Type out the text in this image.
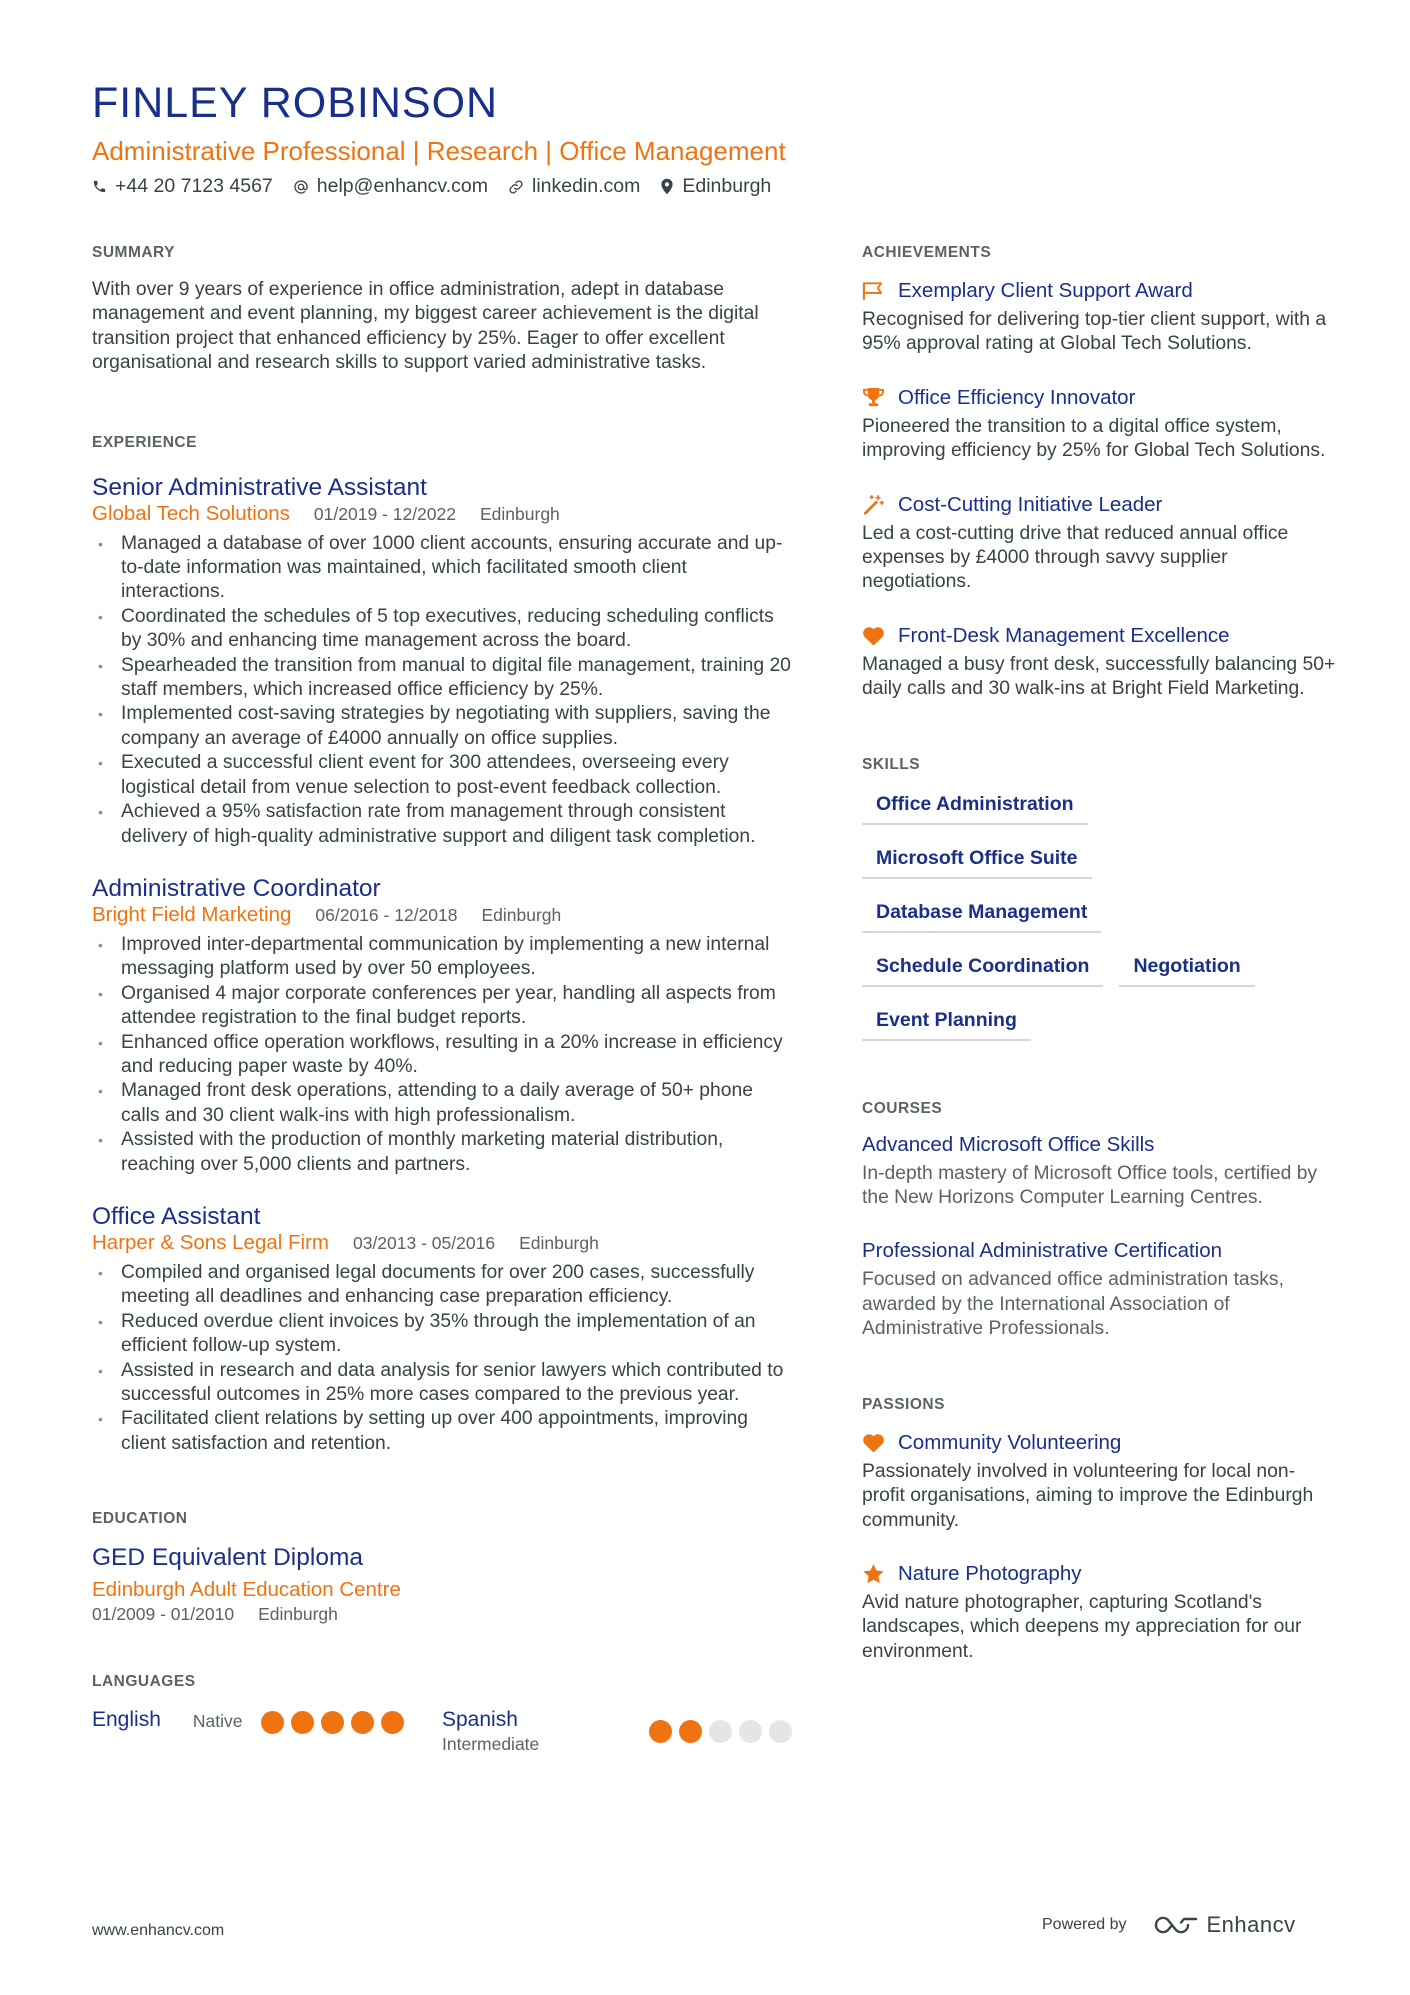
FINLEY ROBINSON
Administrative Professional | Research | Office Management
+44 20 7123 4567 help@enhancv.com linkedin.com Edinburgh
SUMMARY
With over 9 years of experience in office administration, adept in database management and event planning, my biggest career achievement is the digital transition project that enhanced efficiency by 25%. Eager to offer excellent organisational and research skills to support varied administrative tasks.
EXPERIENCE
Senior Administrative Assistant
Global Tech Solutions 01/2019 - 12/2022 Edinburgh
• Managed a database of over 1000 client accounts, ensuring accurate and up-to-date information was maintained, which facilitated smooth client interactions.
• Coordinated the schedules of 5 top executives, reducing scheduling conflicts by 30% and enhancing time management across the board.
• Spearheaded the transition from manual to digital file management, training 20 staff members, which increased office efficiency by 25%.
• Implemented cost-saving strategies by negotiating with suppliers, saving the company an average of £4000 annually on office supplies.
• Executed a successful client event for 300 attendees, overseeing every logistical detail from venue selection to post-event feedback collection.
• Achieved a 95% satisfaction rate from management through consistent delivery of high-quality administrative support and diligent task completion.
Administrative Coordinator
Bright Field Marketing 06/2016 - 12/2018 Edinburgh
• Improved inter-departmental communication by implementing a new internal messaging platform used by over 50 employees.
• Organised 4 major corporate conferences per year, handling all aspects from attendee registration to the final budget reports.
• Enhanced office operation workflows, resulting in a 20% increase in efficiency and reducing paper waste by 40%.
• Managed front desk operations, attending to a daily average of 50+ phone calls and 30 client walk-ins with high professionalism.
• Assisted with the production of monthly marketing material distribution, reaching over 5,000 clients and partners.
Office Assistant
Harper & Sons Legal Firm 03/2013 - 05/2016 Edinburgh
• Compiled and organised legal documents for over 200 cases, successfully meeting all deadlines and enhancing case preparation efficiency.
• Reduced overdue client invoices by 35% through the implementation of an efficient follow-up system.
• Assisted in research and data analysis for senior lawyers which contributed to successful outcomes in 25% more cases compared to the previous year.
• Facilitated client relations by setting up over 400 appointments, improving client satisfaction and retention.
EDUCATION
GED Equivalent Diploma
Edinburgh Adult Education Centre
01/2009 - 01/2010 Edinburgh
LANGUAGES
English Native	Spanish
Intermediate
ACHIEVEMENTS
Exemplary Client Support Award
Recognised for delivering top-tier client support, with a 95% approval rating at Global Tech Solutions.
Office Efficiency Innovator
Pioneered the transition to a digital office system, improving efficiency by 25% for Global Tech Solutions.
Cost-Cutting Initiative Leader
Led a cost-cutting drive that reduced annual office expenses by £4000 through savvy supplier negotiations.
Front-Desk Management Excellence
Managed a busy front desk, successfully balancing 50+ daily calls and 30 walk-ins at Bright Field Marketing.
SKILLS
Office Administration
Microsoft Office Suite
Database Management
Schedule Coordination	Negotiation
Event Planning
COURSES
Advanced Microsoft Office Skills
In-depth mastery of Microsoft Office tools, certified by the New Horizons Computer Learning Centres.
Professional Administrative Certification
Focused on advanced office administration tasks, awarded by the International Association of Administrative Professionals.
PASSIONS
Community Volunteering
Passionately involved in volunteering for local non-profit organisations, aiming to improve the Edinburgh community.
Nature Photography
Avid nature photographer, capturing Scotland's landscapes, which deepens my appreciation for our environment.
www.enhancv.com	Powered by	Enhancv
